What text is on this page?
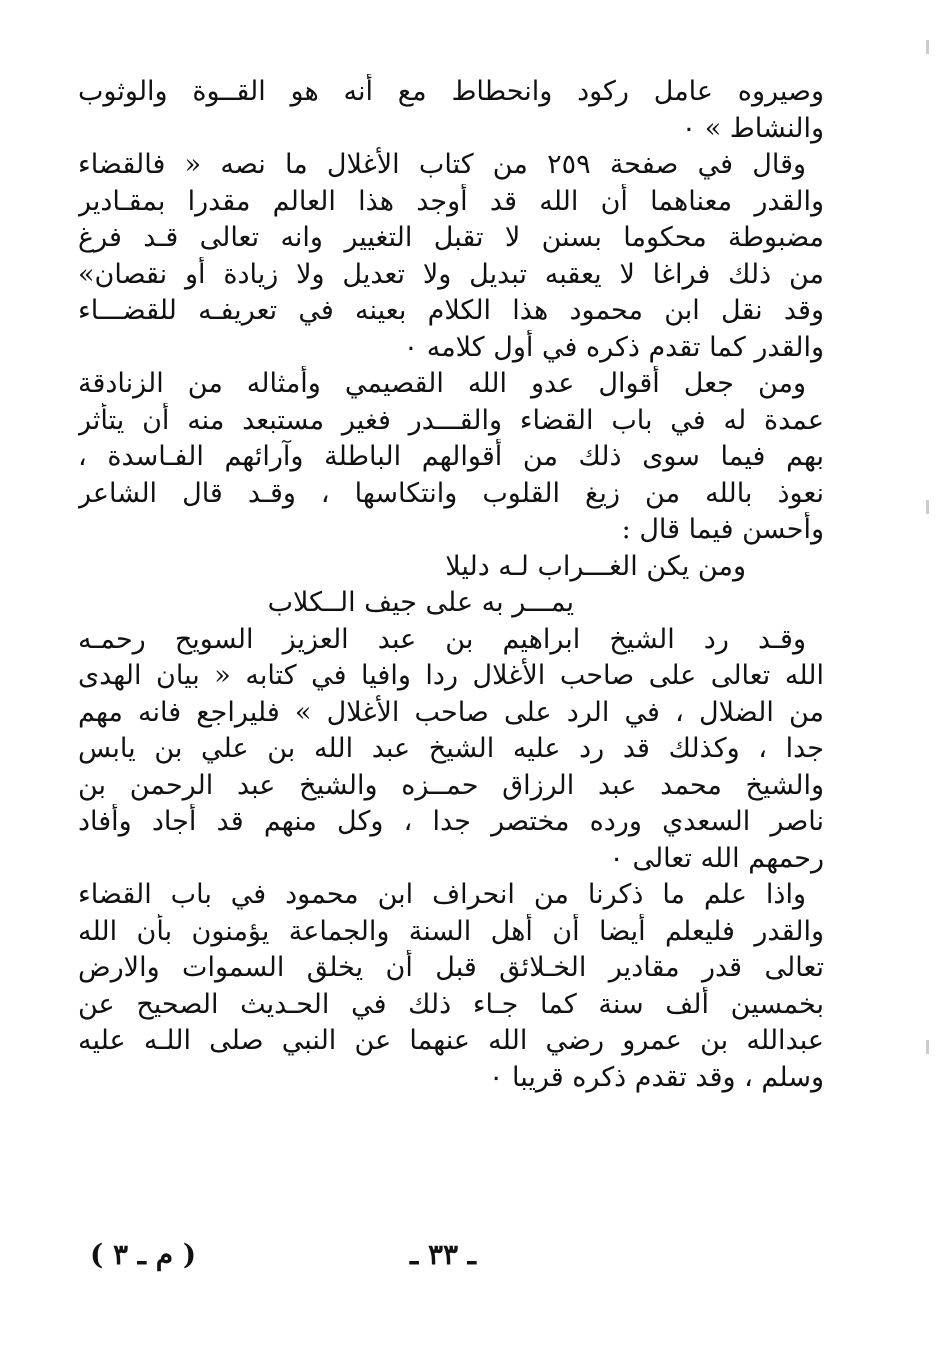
وصيروه عامل ركود وانحطاط مع أنه هو القــوة والوثوب
والنشاط » ٠
وقال في صفحة ٢٥٩ من كتاب الأغلال ما نصه « فالقضاء
والقدر معناهما أن الله قد أوجد هذا العالم مقدرا بمقـادير
مضبوطة محكوما بسنن لا تقبل التغيير وانه تعالى قـد فرغ
من ذلك فراغا لا يعقبه تبديل ولا تعديل ولا زيادة أو نقصان»
وقد نقل ابن محمود هذا الكلام بعينه في تعريفـه للقضـــاء
والقدر كما تقدم ذكره في أول كلامه ٠
ومن جعل أقوال عدو الله القصيمي وأمثاله من الزنادقة
عمدة له في باب القضاء والقـــدر فغير مستبعد منه أن يتأثر
بهم فيما سوى ذلك من أقوالهم الباطلة وآرائهم الفـاسدة ،
نعوذ بالله من زيغ القلوب وانتكاسها ، وقـد قال الشاعر
وأحسن فيما قال :
ومن يكن الغـــراب لـه دليلا
يمـــر به على جيف الــكلاب
وقـد رد الشيخ ابراهيم بن عبد العزيز السويح رحمـه
الله تعالى على صاحب الأغلال ردا وافيا في كتابه « بيان الهدى
من الضلال ، في الرد على صاحب الأغلال » فليراجع فانه مهم
جدا ، وكذلك قد رد عليه الشيخ عبد الله بن علي بن يابس
والشيخ محمد عبد الرزاق حمــزه والشيخ عبد الرحمن بن
ناصر السعدي ورده مختصر جدا ، وكل منهم قد أجاد وأفاد
رحمهم الله تعالى ٠
واذا علم ما ذكرنا من انحراف ابن محمود في باب القضاء
والقدر فليعلم أيضا أن أهل السنة والجماعة يؤمنون بأن الله
تعالى قدر مقادير الخـلائق قبل أن يخلق السموات والارض
بخمسين ألف سنة كما جـاء ذلك في الحـديث الصحيح عن
عبدالله بن عمرو رضي الله عنهما عن النبي صلى اللـه عليه
وسلم ، وقد تقدم ذكره قريبا ٠
ـ ٣٣ ـ
( م ـ ٣ )
